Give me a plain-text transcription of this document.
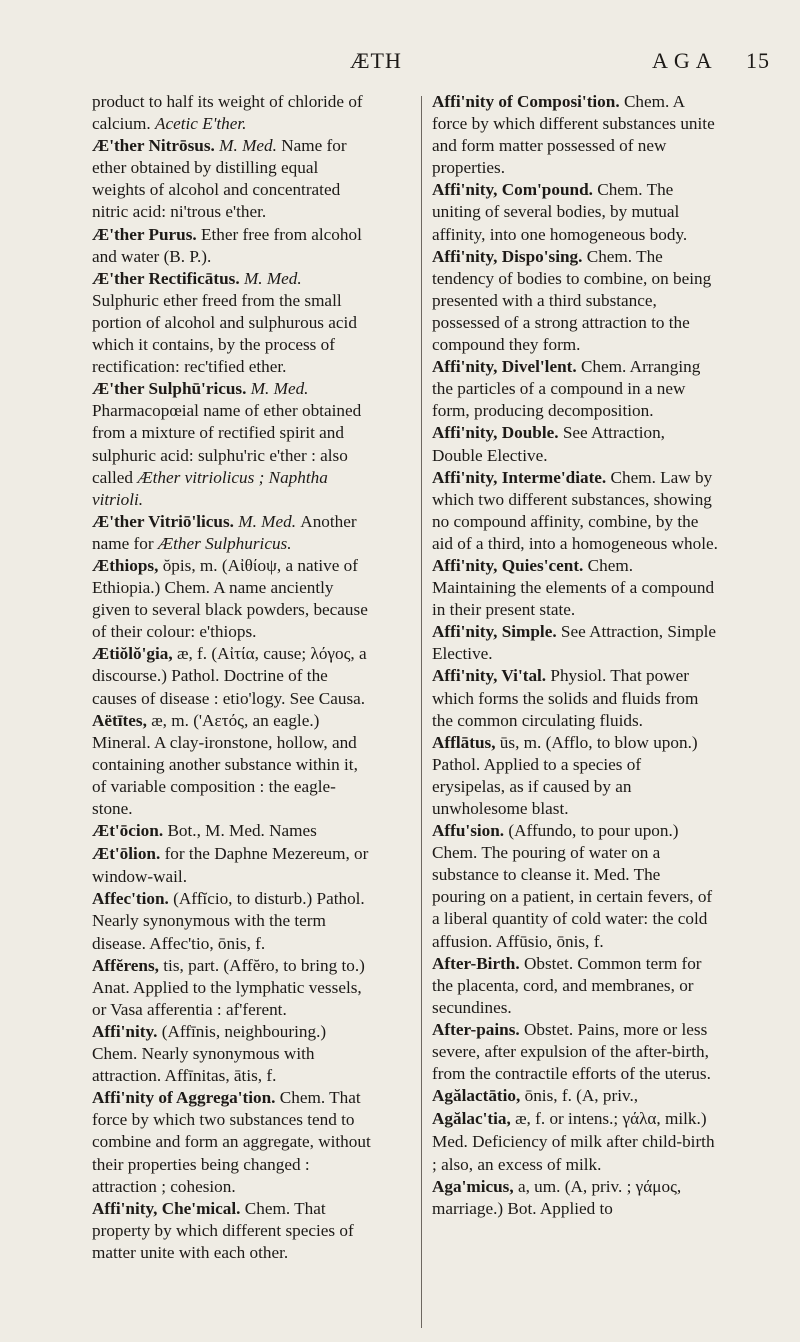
ÆTH	AGA 15

product to half its weight of chloride of calcium. Acetic E'ther.

Æ'ther Nitrōsus. M. Med. Name for ether obtained by distilling equal weights of alcohol and concentrated nitric acid: ni'trous e'ther.

Æ'ther Purus. Ether free from alcohol and water (B. P.).

Æ'ther Rectificātus. M. Med. Sulphuric ether freed from the small portion of alcohol and sulphurous acid which it contains, by the process of rectification: rec'tified ether.

Æ'ther Sulphū'ricus. M. Med. Pharmacopœial name of ether obtained from a mixture of rectified spirit and sulphuric acid: sulphu'ric e'ther : also called Æther vitriolicus ; Naphtha vitrioli.

Æ'ther Vitriō'licus. M. Med. Another name for Æther Sulphuricus.

Æthiops, ŏpis, m. (Αἰθίοψ, a native of Ethiopia.) Chem. A name anciently given to several black powders, because of their colour: e'thiops.

Ætiŏlŏ'gia, æ, f. (Αἰτία, cause; λόγος, a discourse.) Pathol. Doctrine of the causes of disease : etio'logy. See Causa.

Aëtītes, æ, m. ('Αετός, an eagle.) Mineral. A clay-ironstone, hollow, and containing another substance within it, of variable composition : the eagle-stone.

Æt'ōcion. Bot., M. Med. Names

Æt'ōlion. for the Daphne Mezereum, or window-wail.

Affec'tion. (Affĭcio, to disturb.) Pathol. Nearly synonymous with the term disease. Affec'tio, ōnis, f.

Affĕrens, tis, part. (Affĕro, to bring to.) Anat. Applied to the lymphatic vessels, or Vasa afferentia : af'ferent.

Affi'nity. (Affīnis, neighbouring.) Chem. Nearly synonymous with attraction. Affīnitas, ātis, f.

Affi'nity of Aggrega'tion. Chem. That force by which two substances tend to combine and form an aggregate, without their properties being changed : attraction ; cohesion.

Affi'nity, Che'mical. Chem. That property by which different species of matter unite with each other.

Affi'nity of Composi'tion. Chem. A force by which different substances unite and form matter possessed of new properties.

Affi'nity, Com'pound. Chem. The uniting of several bodies, by mutual affinity, into one homogeneous body.

Affi'nity, Dispo'sing. Chem. The tendency of bodies to combine, on being presented with a third substance, possessed of a strong attraction to the compound they form.

Affi'nity, Divel'lent. Chem. Arranging the particles of a compound in a new form, producing decomposition.

Affi'nity, Double. See Attraction, Double Elective.

Affi'nity, Interme'diate. Chem. Law by which two different substances, showing no compound affinity, combine, by the aid of a third, into a homogeneous whole.

Affi'nity, Quies'cent. Chem. Maintaining the elements of a compound in their present state.

Affi'nity, Simple. See Attraction, Simple Elective.

Affi'nity, Vi'tal. Physiol. That power which forms the solids and fluids from the common circulating fluids.

Afflātus, ūs, m. (Afflo, to blow upon.) Pathol. Applied to a species of erysipelas, as if caused by an unwholesome blast.

Affu'sion. (Affundo, to pour upon.) Chem. The pouring of water on a substance to cleanse it. Med. The pouring on a patient, in certain fevers, of a liberal quantity of cold water: the cold affusion. Affūsio, ōnis, f.

After-Birth. Obstet. Common term for the placenta, cord, and membranes, or secundines.

After-pains. Obstet. Pains, more or less severe, after expulsion of the after-birth, from the contractile efforts of the uterus.

Agălactātio, ōnis, f. (A, priv.,

Agălac'tia, æ, f. or intens.; γάλα, milk.) Med. Deficiency of milk after child-birth ; also, an excess of milk.

Aga'micus, a, um. (A, priv. ; γάμος, marriage.) Bot. Applied to
